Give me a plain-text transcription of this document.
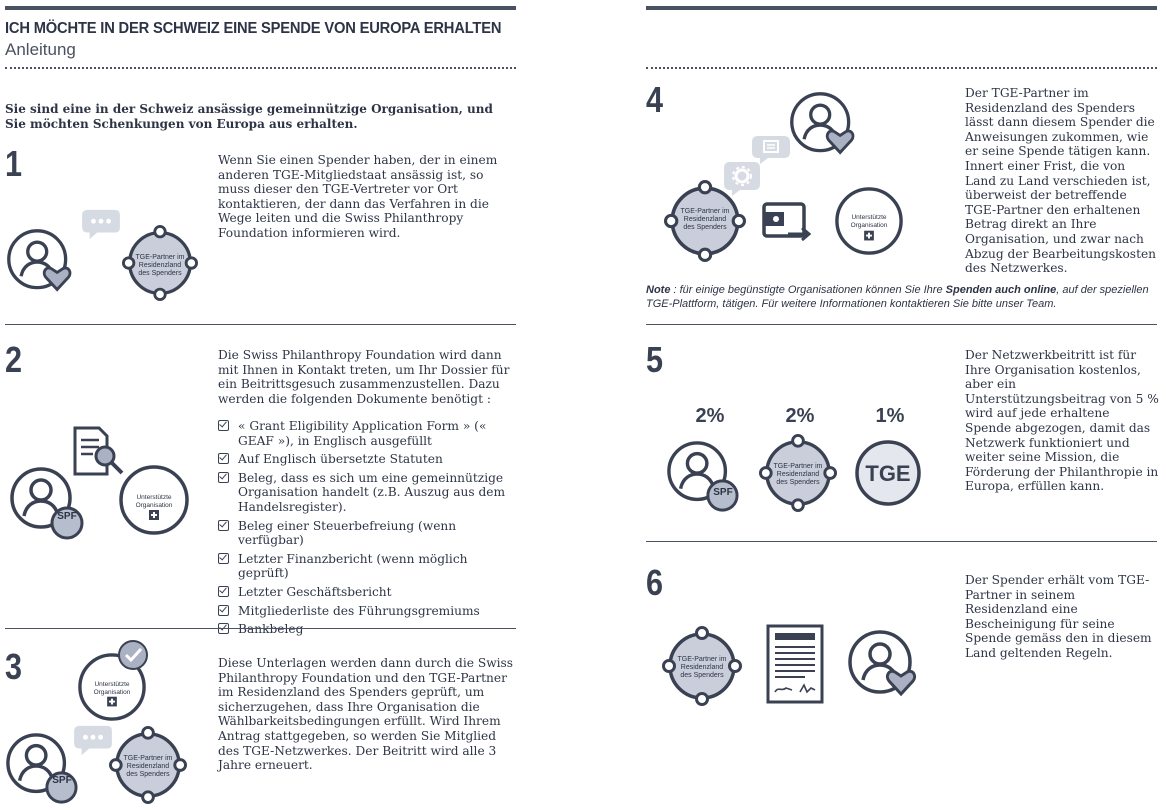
ICH MÖCHTE IN DER SCHWEIZ EINE SPENDE VON EUROPA ERHALTEN
Anleitung
Sie sind eine in der Schweiz ansässige gemeinnützige Organisation, und Sie möchten Schenkungen von Europa aus erhalten.
1	Wenn Sie einen Spender haben, der in einem anderen TGE-Mitgliedstaat ansässig ist, so muss dieser den TGE-Vertreter vor Ort kontaktieren, der dann das Verfahren in die Wege leiten und die Swiss Philanthropy Foundation informieren wird.
TGE-Partner im
Residenzland
des Spenders
2	Die Swiss Philanthropy Foundation wird dann mit Ihnen in Kontakt treten, um Ihr Dossier für ein Beitrittsgesuch zusammenzustellen. Dazu werden die folgenden Dokumente benötigt :
« Grant Eligibility Application Form » (« GEAF »), in Englisch ausgefüllt
Auf Englisch übersetzte Statuten
Beleg, dass es sich um eine gemeinnützige Organisation handelt (z.B. Auszug aus dem Handelsregister).
Beleg einer Steuerbefreiung (wenn verfügbar)
Letzter Finanzbericht (wenn möglich geprüft)
Letzter Geschäftsbericht
Mitgliederliste des Führungsgremiums
Bankbeleg
SPF
Unterstützte
Organisation
3	Diese Unterlagen werden dann durch die Swiss Philanthropy Foundation und den TGE-Partner im Residenzland des Spenders geprüft, um sicherzugehen, dass Ihre Organisation die Wählbarkeitsbedingungen erfüllt. Wird Ihrem Antrag stattgegeben, so werden Sie Mitglied des TGE-Netzwerkes. Der Beitritt wird alle 3 Jahre erneuert.
Unterstützte
Organisation
SPF
TGE-Partner im
Residenzland
des Spenders
4	Der TGE-Partner im Residenzland des Spenders lässt dann diesem Spender die Anweisungen zukommen, wie er seine Spende tätigen kann. Innert einer Frist, die von Land zu Land verschieden ist, überweist der betreffende TGE-Partner den erhaltenen Betrag direkt an Ihre Organisation, und zwar nach Abzug der Bearbeitungskosten des Netzwerkes.
TGE-Partner im
Residenzland
des Spenders
Unterstützte
Organisation
Note : für einige begünstigte Organisationen können Sie Ihre Spenden auch online, auf der speziellen TGE-Plattform, tätigen. Für weitere Informationen kontaktieren Sie bitte unser Team.
5	Der Netzwerkbeitritt ist für Ihre Organisation kostenlos, aber ein Unterstützungsbeitrag von 5 % wird auf jede erhaltene Spende abgezogen, damit das Netzwerk funktioniert und weiter seine Mission, die Förderung der Philanthropie in Europa, erfüllen kann.
2%	2%	1%
SPF
TGE-Partner im
Residenzland
des Spenders TGE
6	Der Spender erhält vom TGE-Partner in seinem Residenzland eine Bescheinigung für seine Spende gemäss den in diesem Land geltenden Regeln.
TGE-Partner im
Residenzland
des Spenders
